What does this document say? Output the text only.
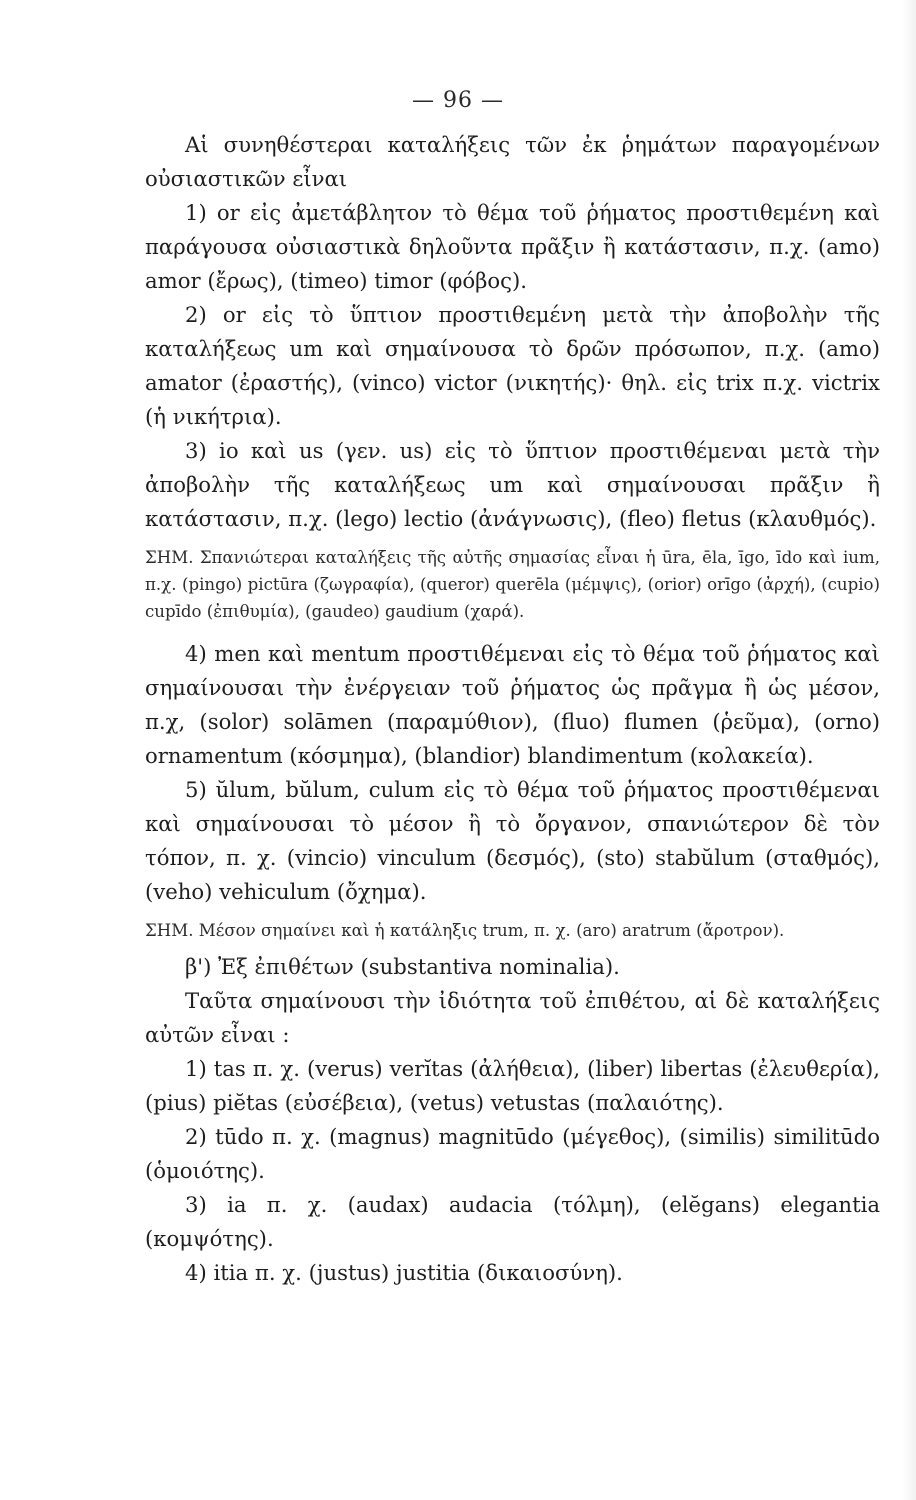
— 96 —

Αἱ συνηθέστεραι καταλήξεις τῶν ἐκ ῥημάτων παραγομένων οὐσιαστικῶν εἶναι

1) or εἰς ἀμετάβλητον τὸ θέμα τοῦ ῥήματος προστιθεμένη καὶ παράγουσα οὐσιαστικὰ δηλοῦντα πρᾶξιν ἢ κατάστασιν, π.χ. (amo) amor (ἔρως), (timeo) timor (φόβος).

2) or εἰς τὸ ὕπτιον προστιθεμένη μετὰ τὴν ἀποβολὴν τῆς καταλήξεως um καὶ σημαίνουσα τὸ δρῶν πρόσωπον, π.χ. (amo) amator (ἐραστής), (vinco) victor (νικητής)· θηλ. εἰς trix π.χ. victrix (ἡ νικήτρια).

3) io καὶ us (γεν. us) εἰς τὸ ὕπτιον προστιθέμεναι μετὰ τὴν ἀποβολὴν τῆς καταλήξεως um καὶ σημαίνουσαι πρᾶξιν ἢ κατάστασιν, π.χ. (lego) lectio (ἀνάγνωσις), (fleo) fletus (κλαυθμός).

ΣΗΜ. Σπανιώτεραι καταλήξεις τῆς αὐτῆς σημασίας εἶναι ἡ ūra, ēla, īgo, īdo καὶ ium, π.χ. (pingo) pictūra (ζωγραφία), (queror) querēla (μέμψις), (orior) orīgo (ἀρχή), (cupio) cupīdo (ἐπιθυμία), (gaudeo) gaudium (χαρά).

4) men καὶ mentum προστιθέμεναι εἰς τὸ θέμα τοῦ ῥήματος καὶ σημαίνουσαι τὴν ἐνέργειαν τοῦ ῥήματος ὡς πρᾶγμα ἢ ὡς μέσον, π.χ, (solor) solāmen (παραμύθιον), (fluo) flumen (ῥεῦμα), (orno) ornamentum (κόσμημα), (blandior) blandimentum (κολακεία).

5) ŭlum, bŭlum, culum εἰς τὸ θέμα τοῦ ῥήματος προστιθέμεναι καὶ σημαίνουσαι τὸ μέσον ἢ τὸ ὄργανον, σπανιώτερον δὲ τὸν τόπον, π. χ. (vincio) vinculum (δεσμός), (sto) stabŭlum (σταθμός), (veho) vehiculum (ὄχημα).

ΣΗΜ. Μέσον σημαίνει καὶ ἡ κατάληξις trum, π. χ. (aro) aratrum (ἄροτρον).

β') Ἐξ ἐπιθέτων (substantiva nominalia).

Ταῦτα σημαίνουσι τὴν ἰδιότητα τοῦ ἐπιθέτου, αἱ δὲ καταλήξεις αὐτῶν εἶναι :

1) tas π. χ. (verus) verĭtas (ἀλήθεια), (liber) libertas (ἐλευθερία), (pius) piĕtas (εὐσέβεια), (vetus) vetustas (παλαιότης).

2) tūdo π. χ. (magnus) magnitūdo (μέγεθος), (similis) similitūdo (ὁμοιότης).

3) ia π. χ. (audax) audacia (τόλμη), (elĕgans) elegantia (κομψότης).

4) itia π. χ. (justus) justitia (δικαιοσύνη).
